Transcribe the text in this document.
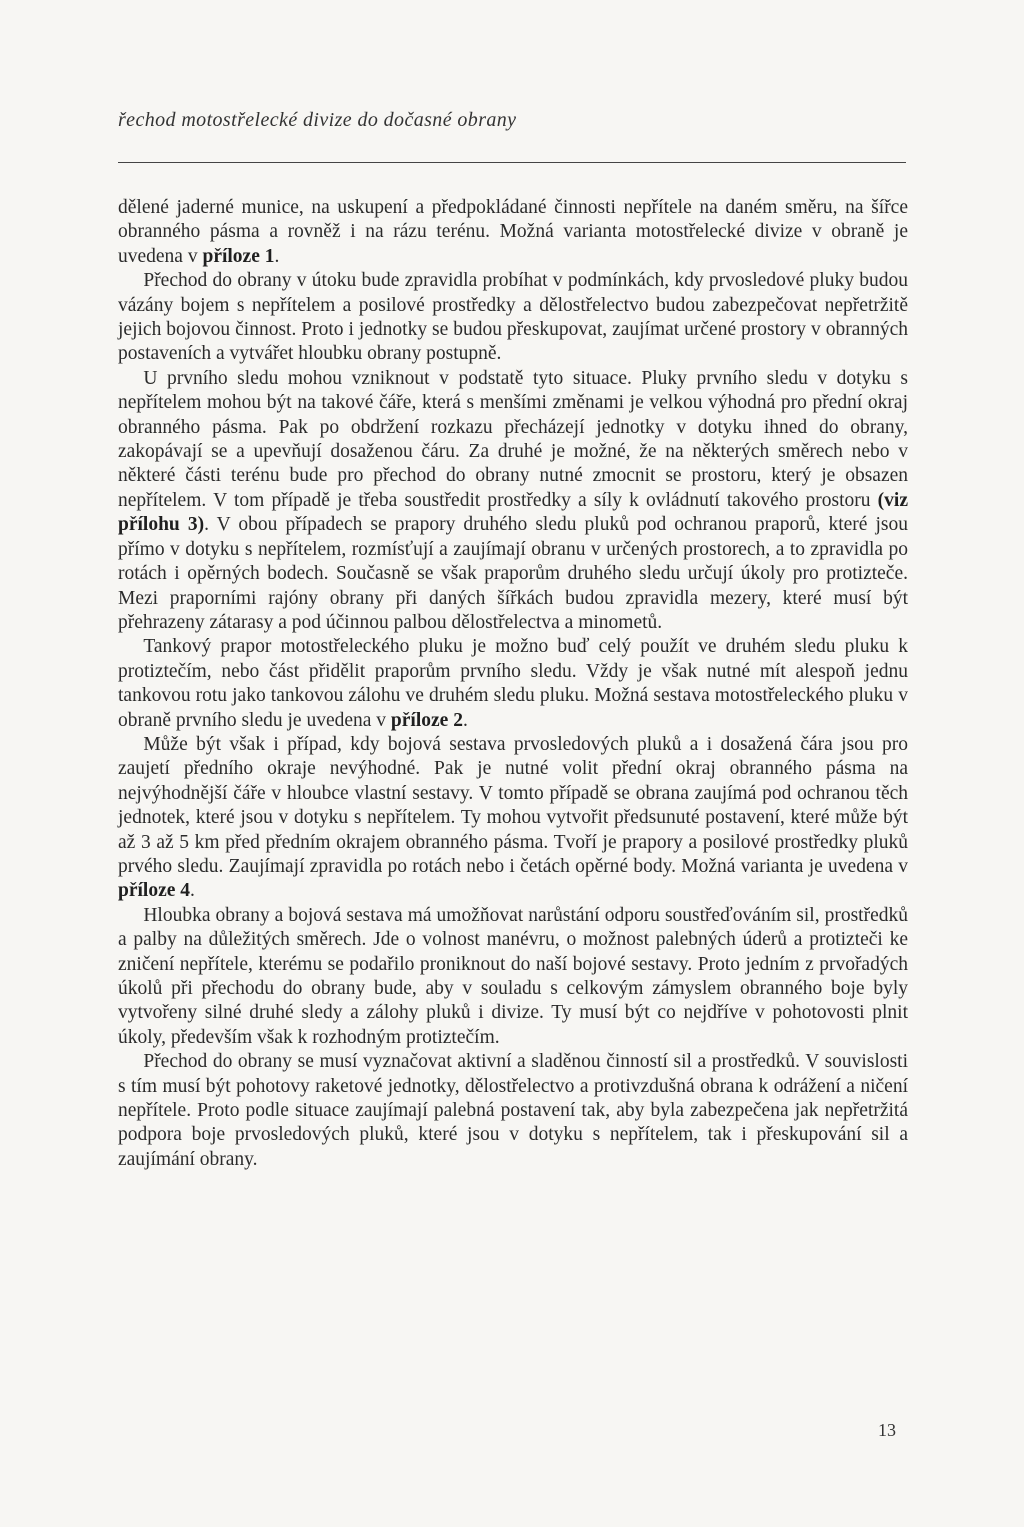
řechod motostřelecké divize do dočasné obrany

dělené jaderné munice, na uskupení a předpokládané činnosti nepřítele na daném směru, na šířce obranného pásma a rovněž i na rázu terénu. Možná varianta motostřelecké divize v obraně je uvedena v příloze 1.

Přechod do obrany v útoku bude zpravidla probíhat v podmínkách, kdy prvosledové pluky budou vázány bojem s nepřítelem a posilové prostředky a dělostřelectvo budou zabezpečovat nepřetržitě jejich bojovou činnost. Proto i jednotky se budou přeskupovat, zaujímat určené prostory v obranných postaveních a vytvářet hloubku obrany postupně.

U prvního sledu mohou vzniknout v podstatě tyto situace. Pluky prvního sledu v dotyku s nepřítelem mohou být na takové čáře, která s menšími změnami je velkou výhodná pro přední okraj obranného pásma. Pak po obdržení rozkazu přecházejí jednotky v dotyku ihned do obrany, zakopávají se a upevňují dosaženou čáru. Za druhé je možné, že na některých směrech nebo v některé části terénu bude pro přechod do obrany nutné zmocnit se prostoru, který je obsazen nepřítelem. V tom případě je třeba soustředit prostředky a síly k ovládnutí takového prostoru (viz přílohu 3). V obou případech se prapory druhého sledu pluků pod ochranou praporů, které jsou přímo v dotyku s nepřítelem, rozmísťují a zaujímají obranu v určených prostorech, a to zpravidla po rotách i opěrných bodech. Současně se však praporům druhého sledu určují úkoly pro protizteče. Mezi praporními rajóny obrany při daných šířkách budou zpravidla mezery, které musí být přehrazeny zátarasy a pod účinnou palbou dělostřelectva a minometů.

Tankový prapor motostřeleckého pluku je možno buď celý použít ve druhém sledu pluku k protiztečím, nebo část přidělit praporům prvního sledu. Vždy je však nutné mít alespoň jednu tankovou rotu jako tankovou zálohu ve druhém sledu pluku. Možná sestava motostřeleckého pluku v obraně prvního sledu je uvedena v příloze 2.

Může být však i případ, kdy bojová sestava prvosledových pluků a i dosažená čára jsou pro zaujetí předního okraje nevýhodné. Pak je nutné volit přední okraj obranného pásma na nejvýhodnější čáře v hloubce vlastní sestavy. V tomto případě se obrana zaujímá pod ochranou těch jednotek, které jsou v dotyku s nepřítelem. Ty mohou vytvořit předsunuté postavení, které může být až 3 až 5 km před předním okrajem obranného pásma. Tvoří je prapory a posilové prostředky pluků prvého sledu. Zaujímají zpravidla po rotách nebo i četách opěrné body. Možná varianta je uvedena v příloze 4.

Hloubka obrany a bojová sestava má umožňovat narůstání odporu soustřeďováním sil, prostředků a palby na důležitých směrech. Jde o volnost manévru, o možnost palebných úderů a protizteči ke zničení nepřítele, kterému se podařilo proniknout do naší bojové sestavy. Proto jedním z prvořadých úkolů při přechodu do obrany bude, aby v souladu s celkovým zámyslem obranného boje byly vytvořeny silné druhé sledy a zálohy pluků i divize. Ty musí být co nejdříve v pohotovosti plnit úkoly, především však k rozhodným protiztečím.

Přechod do obrany se musí vyznačovat aktivní a sladěnou činností sil a prostředků. V souvislosti s tím musí být pohotovy raketové jednotky, dělostřelectvo a protivzdušná obrana k odrážení a ničení nepřítele. Proto podle situace zaujímají palebná postavení tak, aby byla zabezpečena jak nepřetržitá podpora boje prvosledových pluků, které jsou v dotyku s nepřítelem, tak i přeskupování sil a zaujímání obrany.

13
